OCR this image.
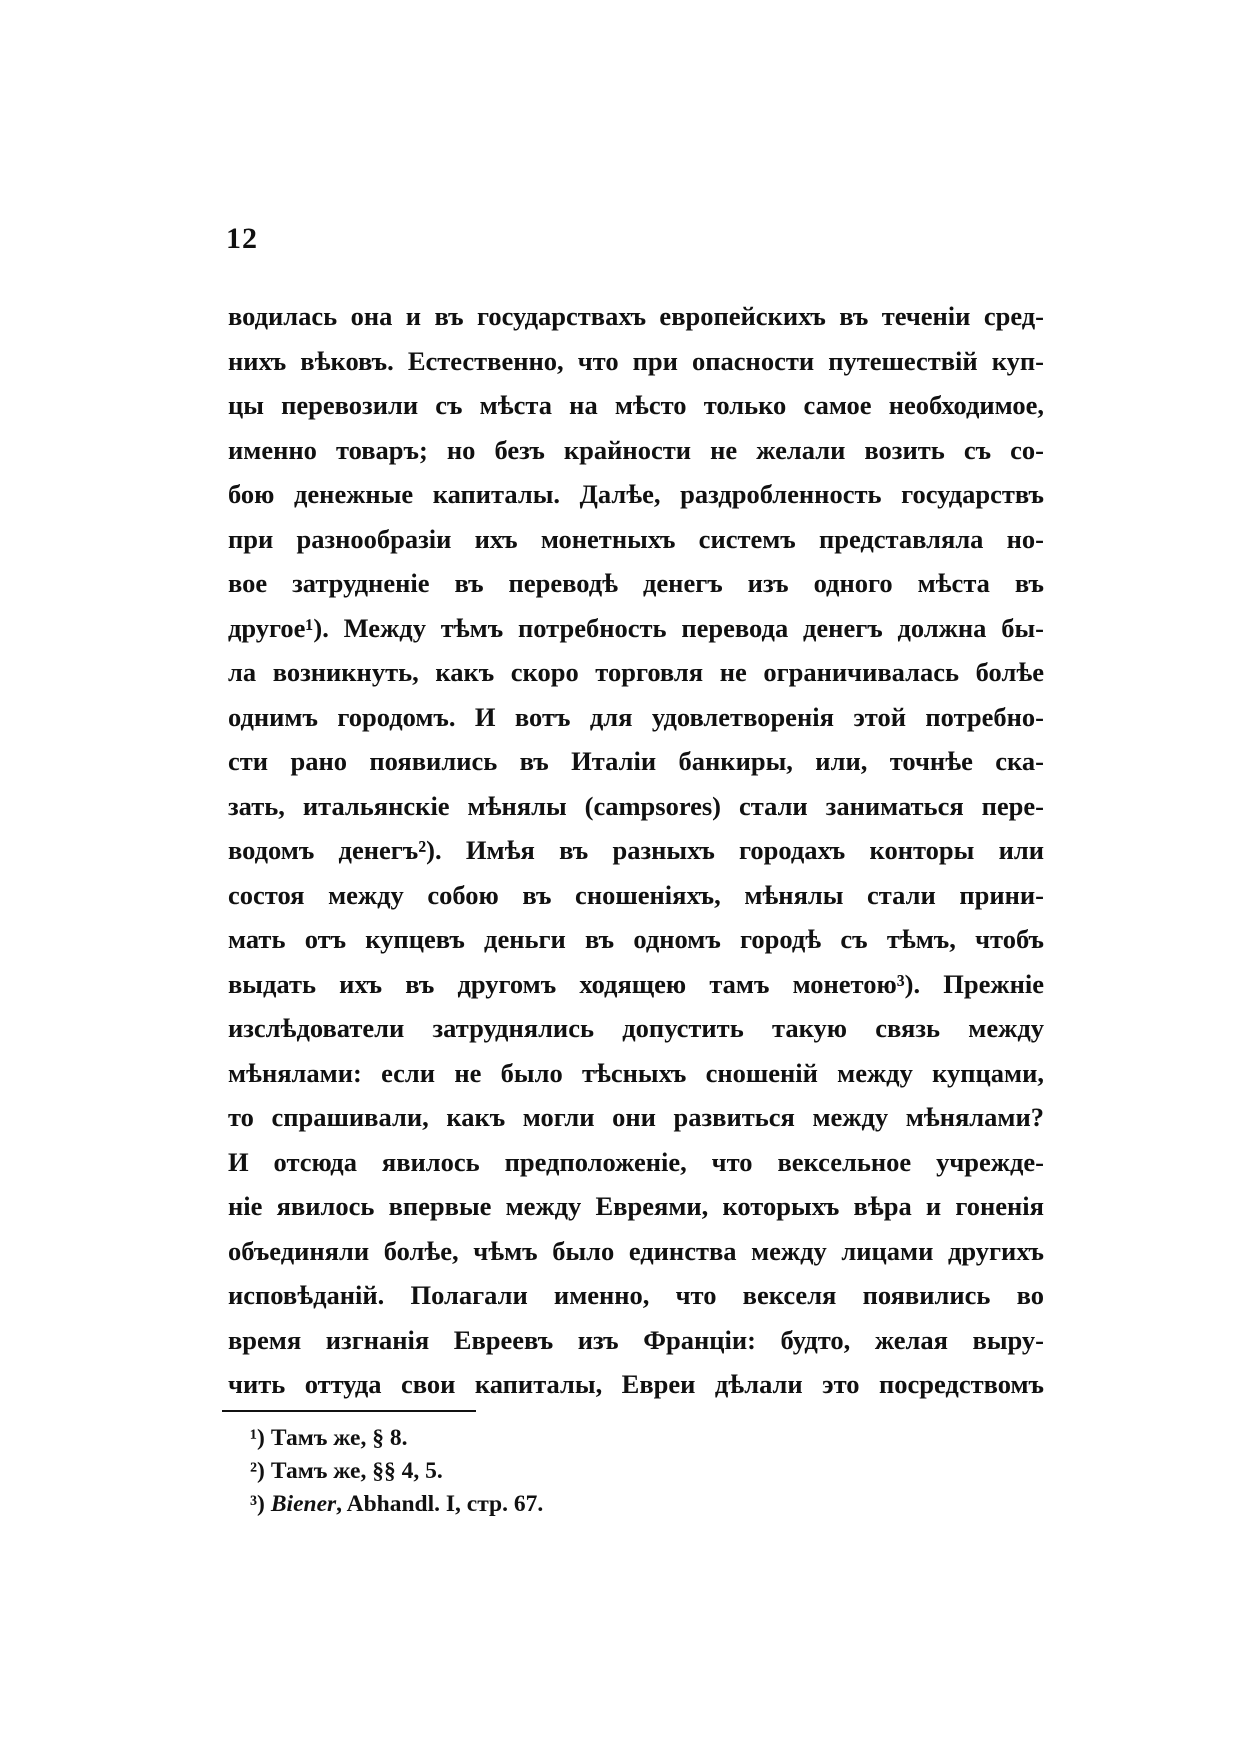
12
водилась она и въ государствахъ европейскихъ въ теченіи сред-
нихъ вѣковъ. Естественно, что при опасности путешествій куп-
цы перевозили съ мѣста на мѣсто только самое необходимое,
именно товаръ; но безъ крайности не желали возить съ со-
бою денежные капиталы. Далѣе, раздробленность государствъ
при разнообразіи ихъ монетныхъ системъ представляла но-
вое затрудненіе въ переводѣ денегъ изъ одного мѣста въ
другое¹). Между тѣмъ потребность перевода денегъ должна бы-
ла возникнуть, какъ скоро торговля не ограничивалась болѣе
однимъ городомъ. И вотъ для удовлетворенія этой потребно-
сти рано появились въ Италіи банкиры, или, точнѣе ска-
зать, итальянскіе мѣнялы (campsores) стали заниматься пере-
водомъ денегъ²). Имѣя въ разныхъ городахъ конторы или
состоя между собою въ сношеніяхъ, мѣнялы стали прини-
мать отъ купцевъ деньги въ одномъ городѣ съ тѣмъ, чтобъ
выдать ихъ въ другомъ ходящею тамъ монетою³). Прежніе
изслѣдователи затруднялись допустить такую связь между
мѣнялами: если не было тѣсныхъ сношеній между купцами,
то спрашивали, какъ могли они развиться между мѣнялами?
И отсюда явилось предположеніе, что вексельное учрежде-
ніе явилось впервые между Евреями, которыхъ вѣра и гоненія
объединяли болѣе, чѣмъ было единства между лицами другихъ
исповѣданій. Полагали именно, что векселя появились во
время изгнанія Евреевъ изъ Франціи: будто, желая выру-
чить оттуда свои капиталы, Евреи дѣлали это посредствомъ
¹) Тамъ же, § 8.
²) Тамъ же, §§ 4, 5.
³) Biener, Abhandl. I, стр. 67.
